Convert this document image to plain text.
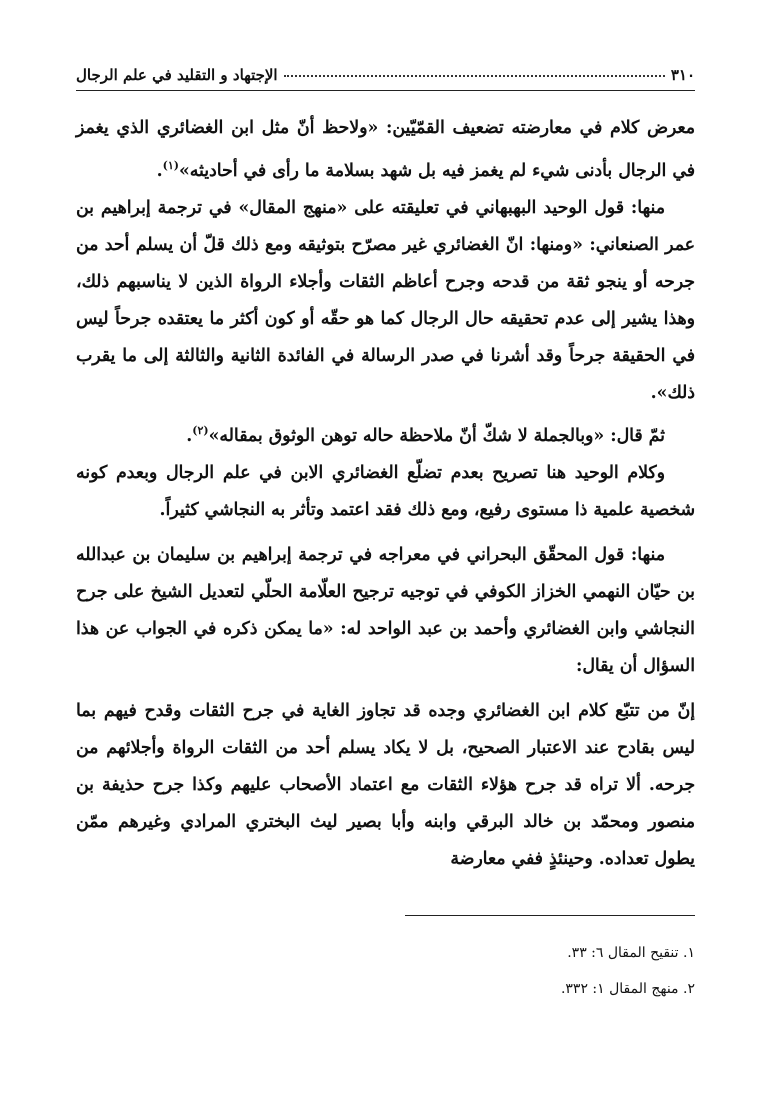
٣١٠
الإجتهاد و التقليد في علم الرجال

معرض كلام في معارضته تضعيف القمّيّين: «ولاحظ أنّ مثل ابن الغضائري الذي يغمز في الرجال بأدنى شيء لم يغمز فيه بل شهد بسلامة ما رأى في أحاديثه»$^{(١)}$.

منها: قول الوحيد البهبهاني في تعليقته على «منهج المقال» في ترجمة إبراهيم بن عمر الصنعاني: «ومنها: انّ الغضائري غير مصرّح بتوثيقه ومع ذلك قلّ أن يسلم أحد من جرحه أو ينجو ثقة من قدحه وجرح أعاظم الثقات وأجلاء الرواة الذين لا يناسبهم ذلك، وهذا يشير إلى عدم تحقيقه حال الرجال كما هو حقّه أو كون أكثر ما يعتقده جرحاً ليس في الحقيقة جرحاً وقد أشرنا في صدر الرسالة في الفائدة الثانية والثالثة إلى ما يقرب ذلك».

ثمّ قال: «وبالجملة لا شكّ أنّ ملاحظة حاله توهن الوثوق بمقاله»$^{(٢)}$.

وكلام الوحيد هنا تصريح بعدم تضلّع الغضائري الابن في علم الرجال وبعدم كونه شخصية علمية ذا مستوى رفيع، ومع ذلك فقد اعتمد وتأثر به النجاشي كثيراً.

منها: قول المحقّق البحراني في معراجه في ترجمة إبراهيم بن سليمان بن عبدالله بن حيّان النهمي الخزاز الكوفي في توجيه ترجيح العلّامة الحلّي لتعديل الشيخ على جرح النجاشي وابن الغضائري وأحمد بن عبد الواحد له: «ما يمكن ذكره في الجواب عن هذا السؤال أن يقال:

إنّ من تتبّع كلام ابن الغضائري وجده قد تجاوز الغاية في جرح الثقات وقدح فيهم بما ليس بقادح عند الاعتبار الصحيح، بل لا يكاد يسلم أحد من الثقات الرواة وأجلائهم من جرحه. ألا تراه قد جرح هؤلاء الثقات مع اعتماد الأصحاب عليهم وكذا جرح حذيفة بن منصور ومحمّد بن خالد البرقي وابنه وأبا بصير ليث البختري المرادي وغيرهم ممّن يطول تعداده. وحينئذٍ ففي معارضة

١. تنقيح المقال ٦: ٣٣.
٢. منهج المقال ١: ٣٣٢.
